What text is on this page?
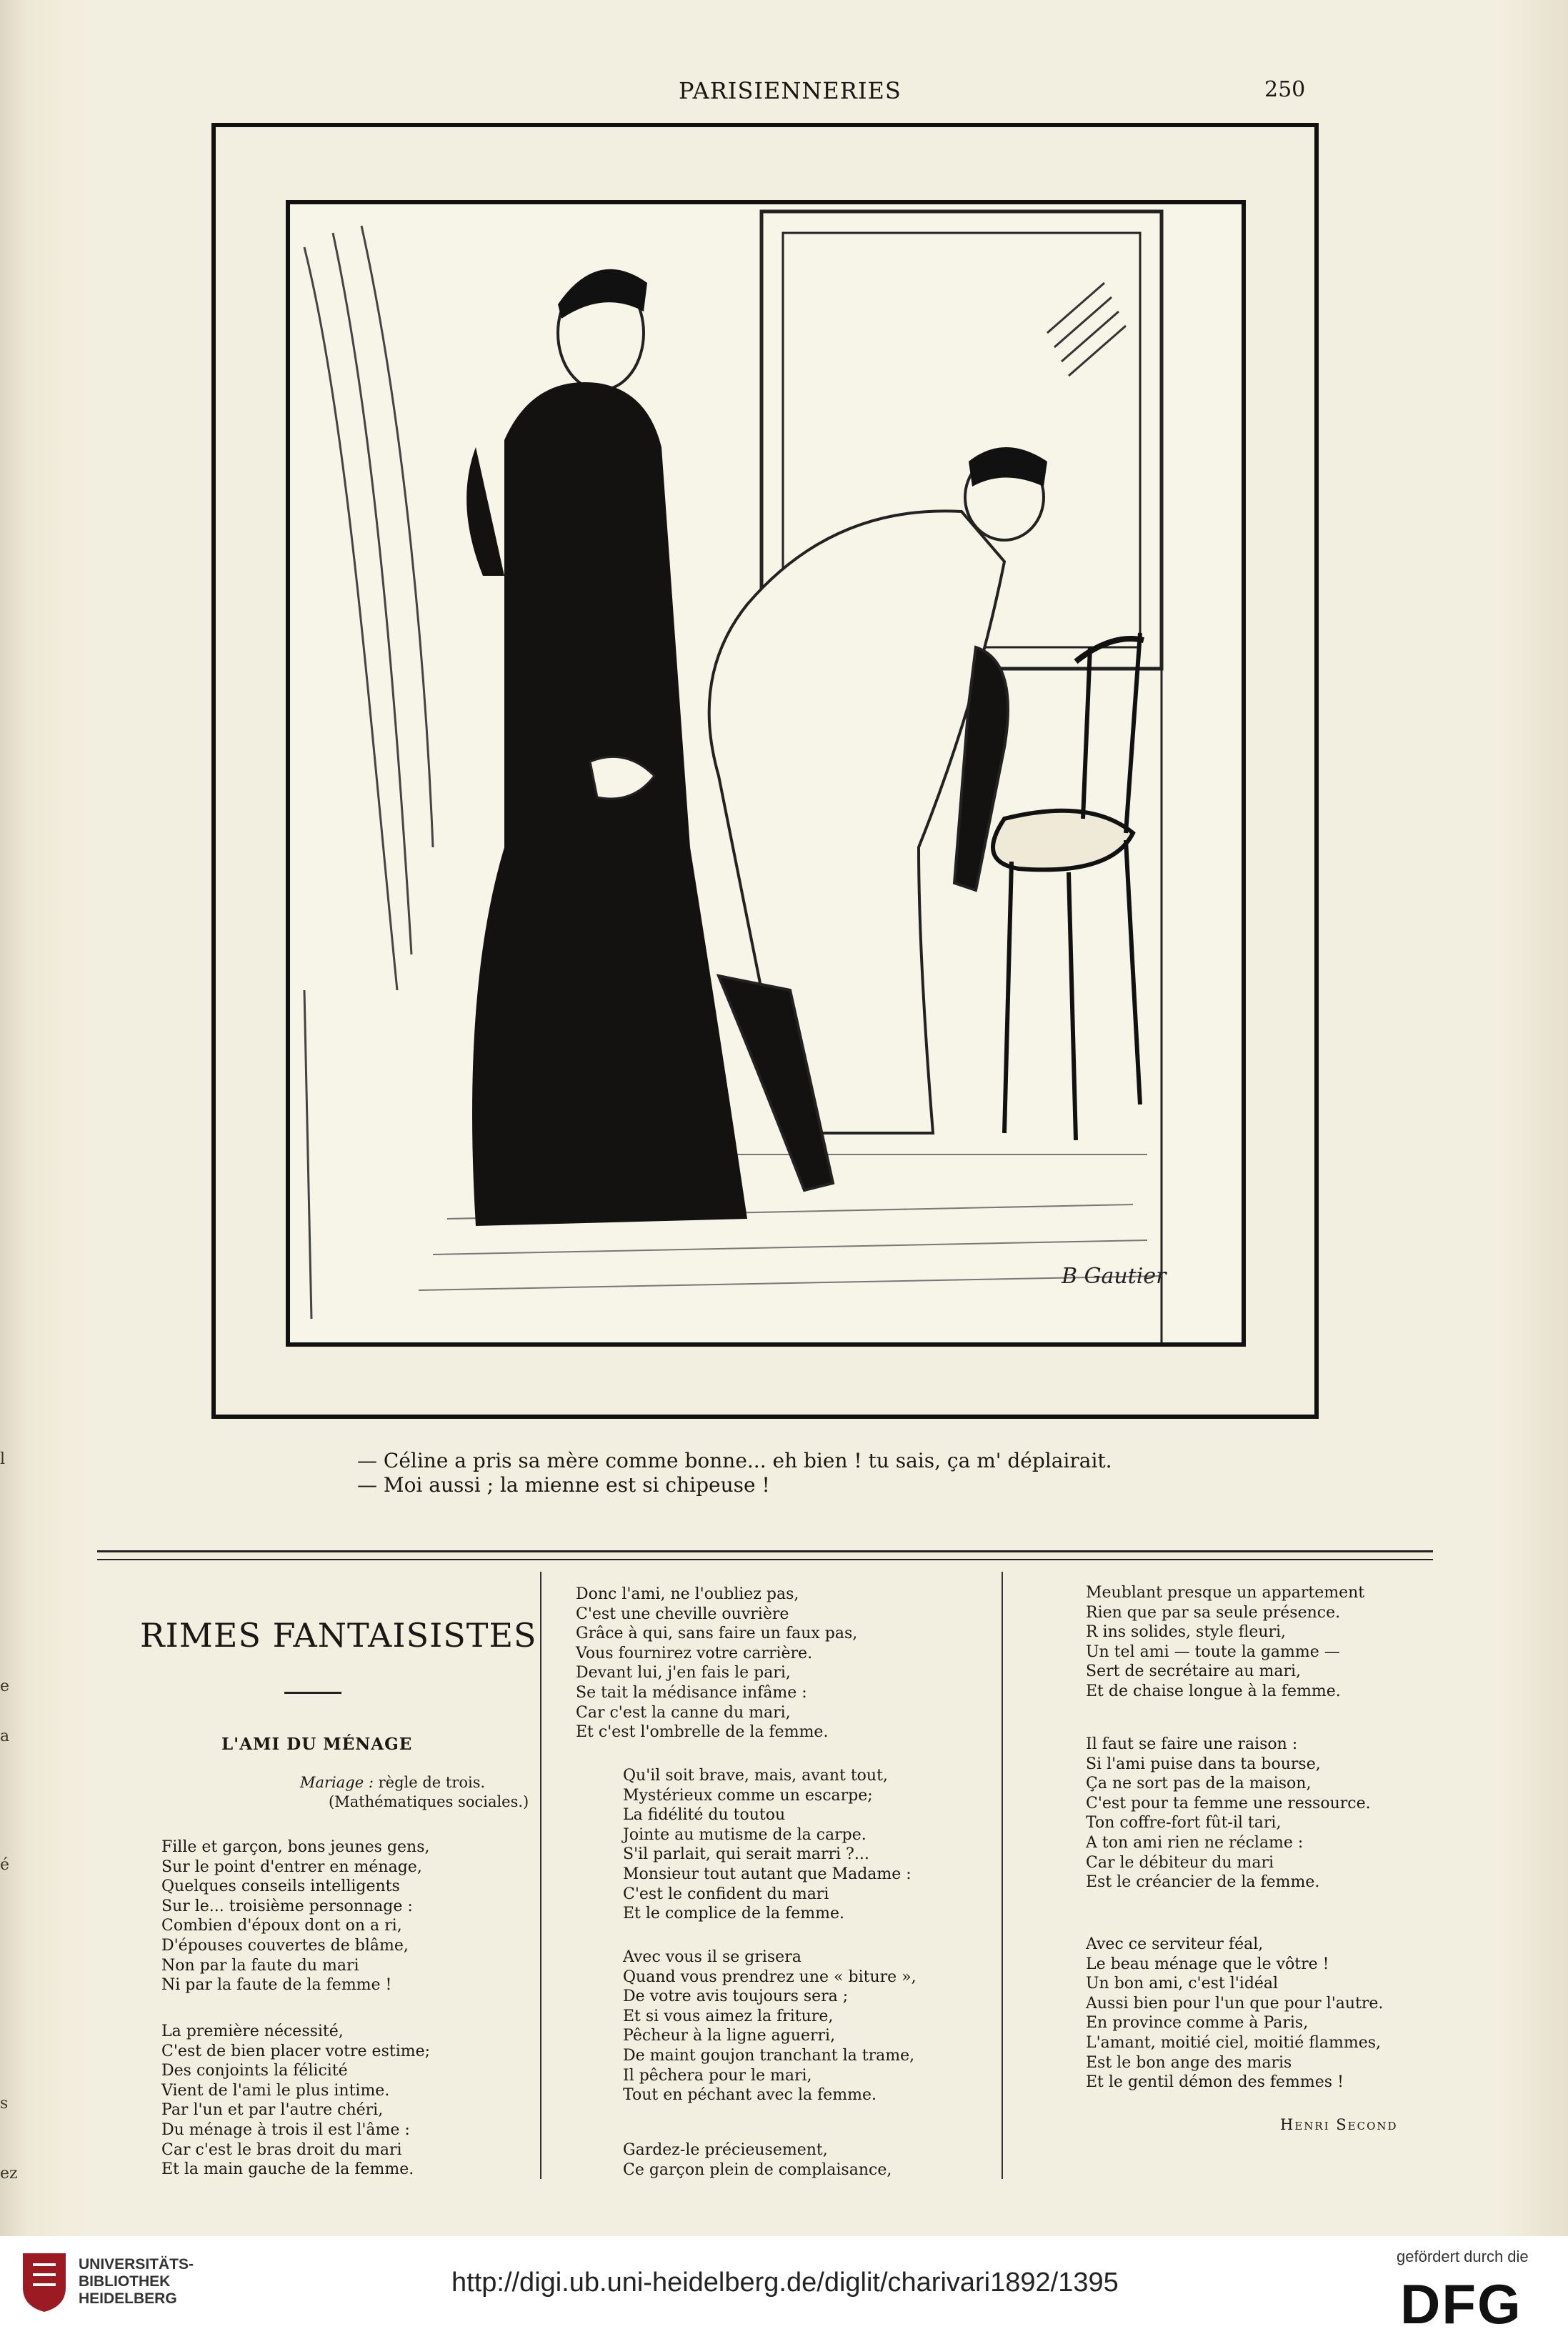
e
l
a
é
s
ez
PARISIENNERIES	250
B Gautier
— Céline a pris sa mère comme bonne... eh bien ! tu sais, ça m' déplairait.
— Moi aussi ; la mienne est si chipeuse !
RIMES FANTAISISTES
L'AMI DU MÉNAGE
Mariage : règle de trois.
(Mathématiques sociales.)
Fille et garçon, bons jeunes gens,
Sur le point d'entrer en ménage,
Quelques conseils intelligents
Sur le... troisième personnage :
Combien d'époux dont on a ri,
D'épouses couvertes de blâme,
Non par la faute du mari
Ni par la faute de la femme !
La première nécessité,
C'est de bien placer votre estime;
Des conjoints la félicité
Vient de l'ami le plus intime.
Par l'un et par l'autre chéri,
Du ménage à trois il est l'âme :
Car c'est le bras droit du mari
Et la main gauche de la femme.
Donc l'ami, ne l'oubliez pas,
C'est une cheville ouvrière
Grâce à qui, sans faire un faux pas,
Vous fournirez votre carrière.
Devant lui, j'en fais le pari,
Se tait la médisance infâme :
Car c'est la canne du mari,
Et c'est l'ombrelle de la femme.
Qu'il soit brave, mais, avant tout,
Mystérieux comme un escarpe;
La fidélité du toutou
Jointe au mutisme de la carpe.
S'il parlait, qui serait marri ?...
Monsieur tout autant que Madame :
C'est le confident du mari
Et le complice de la femme.
Avec vous il se grisera
Quand vous prendrez une « biture »,
De votre avis toujours sera ;
Et si vous aimez la friture,
Pêcheur à la ligne aguerri,
De maint goujon tranchant la trame,
Il pêchera pour le mari,
Tout en péchant avec la femme.
Gardez-le précieusement,
Ce garçon plein de complaisance,
Meublant presque un appartement
Rien que par sa seule présence.
R ins solides, style fleuri,
Un tel ami — toute la gamme —
Sert de secrétaire au mari,
Et de chaise longue à la femme.
Il faut se faire une raison :
Si l'ami puise dans ta bourse,
Ça ne sort pas de la maison,
C'est pour ta femme une ressource.
Ton coffre-fort fût-il tari,
A ton ami rien ne réclame :
Car le débiteur du mari
Est le créancier de la femme.
Avec ce serviteur féal,
Le beau ménage que le vôtre !
Un bon ami, c'est l'idéal
Aussi bien pour l'un que pour l'autre.
En province comme à Paris,
L'amant, moitié ciel, moitié flammes,
Est le bon ange des maris
Et le gentil démon des femmes !
Henri Second
UNIVERSITÄTS-
BIBLIOTHEK
HEIDELBERG
http://digi.ub.uni-heidelberg.de/diglit/charivari1892/1395
gefördert durch die
DFG
